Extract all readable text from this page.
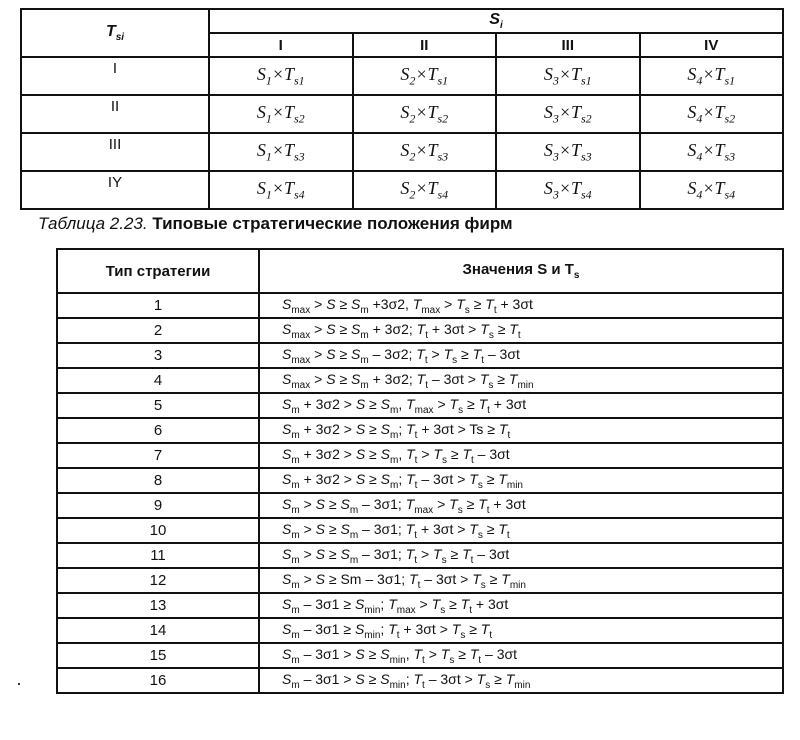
$T_{si}$	$S_i$
	I	II	III	IV
I	$S_1\times T_{s1}$	$S_2\times T_{s1}$	$S_3\times T_{s1}$	$S_4\times T_{s1}$
II	$S_1\times T_{s2}$	$S_2\times T_{s2}$	$S_3\times T_{s2}$	$S_4\times T_{s2}$
III	$S_1\times T_{s3}$	$S_2\times T_{s3}$	$S_3\times T_{s3}$	$S_4\times T_{s3}$
IY	$S_1\times T_{s4}$	$S_2\times T_{s4}$	$S_3\times T_{s4}$	$S_4\times T_{s4}$
Таблица 2.23. Типовые стратегические положения фирм
Тип стратегии	Значения S и $T_s$
1	$S_{max} > S \ge S_m +3\sigma 2$, $T_{max} > T_s \ge T_t + 3\sigma t$
2	$S_{max} > S \ge S_m + 3\sigma 2$; $T_t + 3\sigma t > T_s \ge T_t$
3	$S_{max} > S \ge S_m - 3\sigma 2$; $T_t > T_s \ge T_t - 3\sigma t$
4	$S_{max} > S \ge S_m + 3\sigma 2$; $T_t - 3\sigma t > T_s \ge T_{min}$
5	$S_m + 3\sigma 2 > S \ge S_m$, $T_{max} > T_s \ge T_t + 3\sigma t$
6	$S_m + 3\sigma 2 > S \ge S_m$; $T_t + 3\sigma t > Ts \ge T_t$
7	$S_m + 3\sigma 2 > S \ge S_m$, $T_t > T_s \ge T_t - 3\sigma t$
8	$S_m + 3\sigma 2 > S \ge S_m$; $T_t - 3\sigma t > T_s \ge T_{min}$
9	$S_m > S \ge S_m - 3\sigma 1$; $T_{max} > T_s \ge T_t + 3\sigma t$
10	$S_m > S \ge S_m - 3\sigma 1$; $T_t + 3\sigma t > T_s \ge T_t$
11	$S_m > S \ge S_m - 3\sigma 1$; $T_t > T_s \ge T_t - 3\sigma t$
12	$S_m > S \ge Sm - 3\sigma 1$; $T_t - 3\sigma t > T_s \ge T_{min}$
13	$S_m - 3\sigma 1 \ge S_{min}$; $T_{max} > T_s \ge T_t + 3\sigma t$
14	$S_m - 3\sigma 1 \ge S_{min}$; $T_t + 3\sigma t > T_s \ge T_t$
15	$S_m - 3\sigma 1 > S \ge S_{min}$, $T_t > T_s \ge T_t - 3\sigma t$
16	$S_m - 3\sigma 1 > S \ge S_{min}$; $T_t - 3\sigma t > T_s \ge T_{min}$
